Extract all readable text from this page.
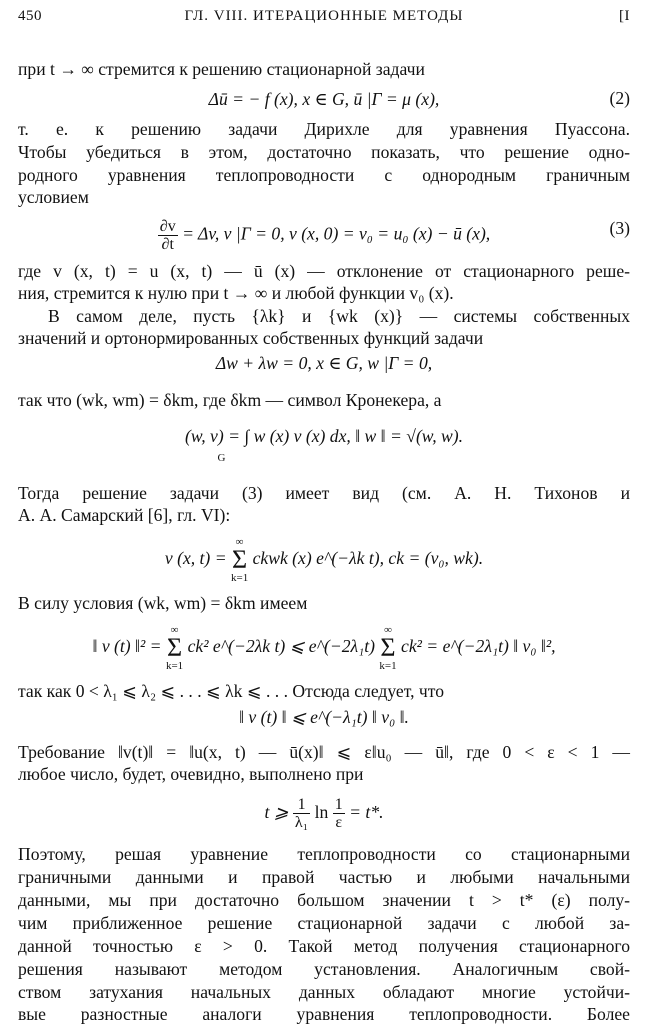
450	ГЛ. VIII. ИТЕРАЦИОННЫЕ МЕТОДЫ	[I
при t → ∞ стремится к решению стационарной задачи
Δū = − f (x), x ∈ G, ū |Γ = μ (x),	(2)
т. е. к решению задачи Дирихле для уравнения Пуассона.
Чтобы убедиться в этом, достаточно показать, что решение одно-
родного уравнения теплопроводности с однородным граничным
условием
$\frac{\partial v}{\partial t} = \Delta v$, v |Γ = 0, v (x, 0) = v₀ = u₀ (x) − ū (x),	(3)
где v (x, t) = u (x, t) — ū (x) — отклонение от стационарного реше-
ния, стремится к нулю при t → ∞ и любой функции v₀ (x).
В самом деле, пусть {λk} и {wk (x)} — системы собственных
значений и ортонормированных собственных функций задачи
Δw + λw = 0, x ∈ G, w |Γ = 0,
так что (wk, wm) = δkm, где δkm — символ Кронекера, а
(w, v) = ∫ w (x) v (x) dx, ‖ w ‖ = √(w, w).
G
Тогда решение задачи (3) имеет вид (см. А. Н. Тихонов и
А. А. Самарский [6], гл. VI):
v (x, t) = ∞
Σ
k=1 ckwk (x) e^(−λk t), ck = (v₀, wk).
В силу условия (wk, wm) = δkm имеем
‖ v (t) ‖² = ∞
Σ
k=1 ck² e^(−2λk t) ⩽ e^(−2λ₁t) ∞
Σ
k=1 ck² = e^(−2λ₁t) ‖ v₀ ‖²,
так как 0 < λ₁ ⩽ λ₂ ⩽ . . . ⩽ λk ⩽ . . . Отсюда следует, что
‖ v (t) ‖ ⩽ e^(−λ₁t) ‖ v₀ ‖.
Требование ‖v(t)‖ = ‖u(x, t) — ū(x)‖ ⩽ ε‖u₀ — ū‖, где 0 < ε < 1 —
любое число, будет, очевидно, выполнено при
t ⩾ $\frac{1}{\text{λ₁}}$ $\ln \frac{1}{\varepsilon} = t*$.
Поэтому, решая уравнение теплопроводности со стационарными
граничными данными и правой частью и любыми начальными
данными, мы при достаточно большом значении t > t* (ε) полу-
чим приближенное решение стационарной задачи с любой за-
данной точностью ε > 0. Такой метод получения стационарного
решения называют методом установления. Аналогичным свой-
ством затухания начальных данных обладают многие устойчи-
вые разностные аналоги уравнения теплопроводности. Более
